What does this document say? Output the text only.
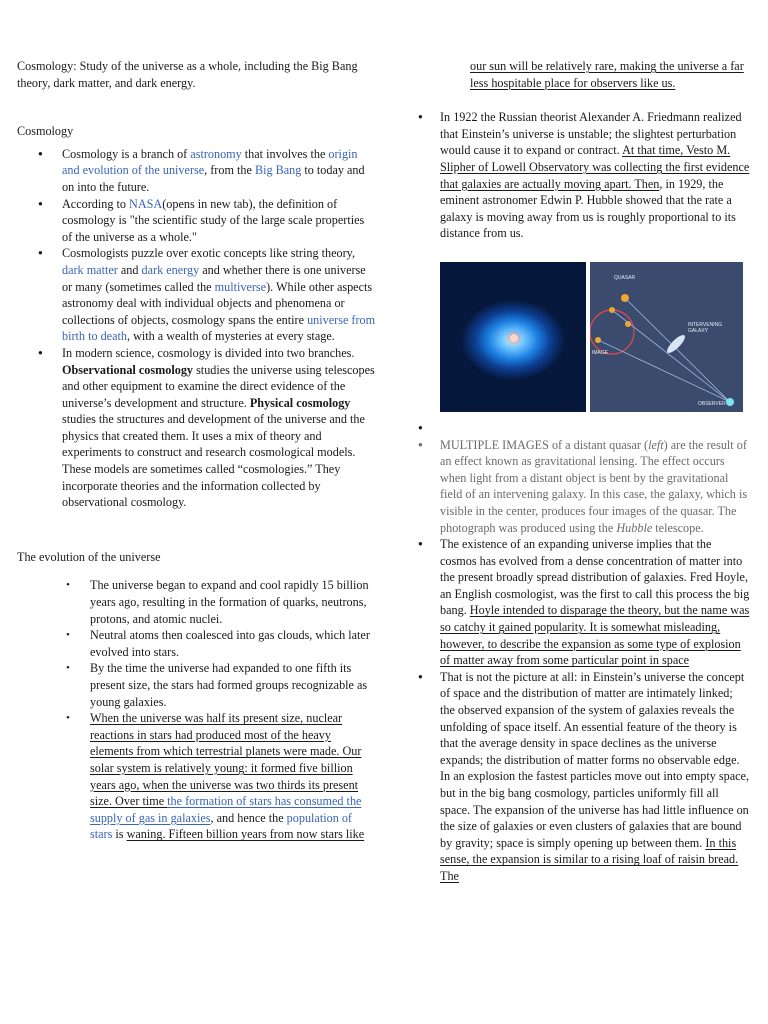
Cosmology: Study of the universe as a whole, including the Big Bang theory, dark matter, and dark energy.

Cosmology

● Cosmology is a branch of astronomy that involves the origin and evolution of the universe, from the Big Bang to today and on into the future.
● According to NASA(opens in new tab), the definition of cosmology is "the scientific study of the large scale properties of the universe as a whole."
● Cosmologists puzzle over exotic concepts like string theory, dark matter and dark energy and whether there is one universe or many (sometimes called the multiverse). While other aspects astronomy deal with individual objects and phenomena or collections of objects, cosmology spans the entire universe from birth to death, with a wealth of mysteries at every stage.
● In modern science, cosmology is divided into two branches. Observational cosmology studies the universe using telescopes and other equipment to examine the direct evidence of the universe’s development and structure. Physical cosmology studies the structures and development of the universe and the physics that created them. It uses a mix of theory and experiments to construct and research cosmological models. These models are sometimes called “cosmologies.” They incorporate theories and the information collected by observational cosmology.

The evolution of the universe

• The universe began to expand and cool rapidly 15 billion years ago, resulting in the formation of quarks, neutrons, protons, and atomic nuclei.
• Neutral atoms then coalesced into gas clouds, which later evolved into stars.
• By the time the universe had expanded to one fifth its present size, the stars had formed groups recognizable as young galaxies.
• When the universe was half its present size, nuclear reactions in stars had produced most of the heavy elements from which terrestrial planets were made. Our solar system is relatively young: it formed five billion years ago, when the universe was two thirds its present size. Over time the formation of stars has consumed the supply of gas in galaxies, and hence the population of stars is waning. Fifteen billion years from now stars like

our sun will be relatively rare, making the universe a far less hospitable place for observers like us.

● In 1922 the Russian theorist Alexander A. Friedmann realized that Einstein’s universe is unstable; the slightest perturbation would cause it to expand or contract. At that time, Vesto M. Slipher of Lowell Observatory was collecting the first evidence that galaxies are actually moving apart. Then, in 1929, the eminent astronomer Edwin P. Hubble showed that the rate a galaxy is moving away from us is roughly proportional to its distance from us.
QUASAR
IMAGE
INTERVENING
GALAXY
OBSERVER
●
● MULTIPLE IMAGES of a distant quasar (left) are the result of an effect known as gravitational lensing. The effect occurs when light from a distant object is bent by the gravitational field of an intervening galaxy. In this case, the galaxy, which is visible in the center, produces four images of the quasar. The photograph was produced using the Hubble telescope.
● The existence of an expanding universe implies that the cosmos has evolved from a dense concentration of matter into the present broadly spread distribution of galaxies. Fred Hoyle, an English cosmologist, was the first to call this process the big bang. Hoyle intended to disparage the theory, but the name was so catchy it gained popularity. It is somewhat misleading, however, to describe the expansion as some type of explosion of matter away from some particular point in space
● That is not the picture at all: in Einstein’s universe the concept of space and the distribution of matter are intimately linked; the observed expansion of the system of galaxies reveals the unfolding of space itself. An essential feature of the theory is that the average density in space declines as the universe expands; the distribution of matter forms no observable edge. In an explosion the fastest particles move out into empty space, but in the big bang cosmology, particles uniformly fill all space. The expansion of the universe has had little influence on the size of galaxies or even clusters of galaxies that are bound by gravity; space is simply opening up between them. In this sense, the expansion is similar to a rising loaf of raisin bread. The
